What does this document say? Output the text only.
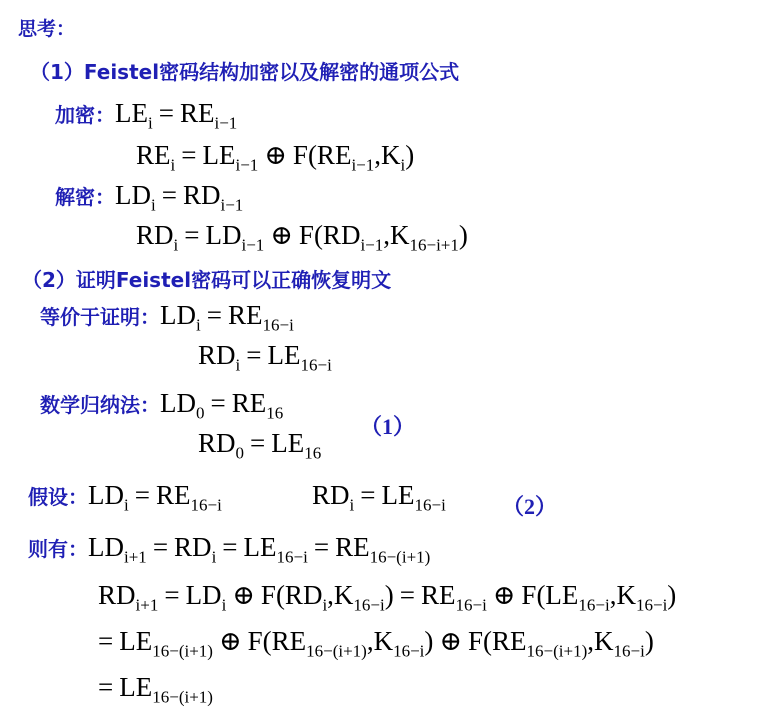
思考：
（1）Feistel密码结构加密以及解密的通项公式
加密：$LE_i = RE_{i-1}$
$RE_i = LE_{i-1}$ ⊕ $F(RE_{i-1},K_i)$
解密：$LD_i = RD_{i-1}$
$RD_i = LD_{i-1}$ ⊕ $F(RD_{i-1},K_{16-i+1})$
（2）证明Feistel密码可以正确恢复明文
等价于证明：$LD_i = RE_{16-i}$
$RD_i = LE_{16-i}$
数学归纳法：$LD_0 = RE_{16}$
$RD_0 = LE_{16}$
（1）
假设：$LD_i = RE_{16-i}$	$RD_i = LE_{16-i}$	（2）
则有：$LD_{i+1} = RD_i = LE_{16-i} = RE_{16-(i+1)}$
$RD_{i+1} = LD_i$ ⊕ $F(RD_i,K_{16-i}) = RE_{16-i}$ ⊕ $F(LE_{16-i},K_{16-i})$
= $LE_{16-(i+1)}$ ⊕ $F(RE_{16-(i+1)},K_{16-i})$ ⊕ $F(RE_{16-(i+1)},K_{16-i})$
= $LE_{16-(i+1)}$
